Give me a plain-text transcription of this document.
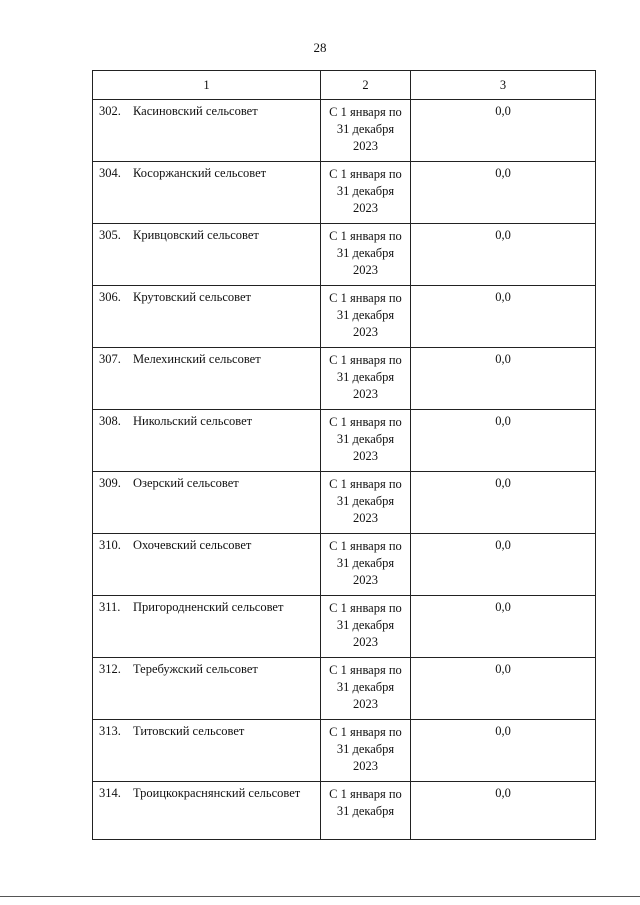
28
1	2	3
302. Касиновский сельсовет	С 1 января по
31 декабря
2023	0,0
304. Косоржанский сельсовет	С 1 января по
31 декабря
2023	0,0
305. Кривцовский сельсовет	С 1 января по
31 декабря
2023	0,0
306. Крутовский сельсовет	С 1 января по
31 декабря
2023	0,0
307. Мелехинский сельсовет	С 1 января по
31 декабря
2023	0,0
308. Никольский сельсовет	С 1 января по
31 декабря
2023	0,0
309. Озерский сельсовет	С 1 января по
31 декабря
2023	0,0
310. Охочевский сельсовет	С 1 января по
31 декабря
2023	0,0
311. Пригородненский сельсовет	С 1 января по
31 декабря
2023	0,0
312. Теребужский сельсовет	С 1 января по
31 декабря
2023	0,0
313. Титовский сельсовет	С 1 января по
31 декабря
2023	0,0
314. Троицкокраснянский сельсовет	С 1 января по
31 декабря	0,0
